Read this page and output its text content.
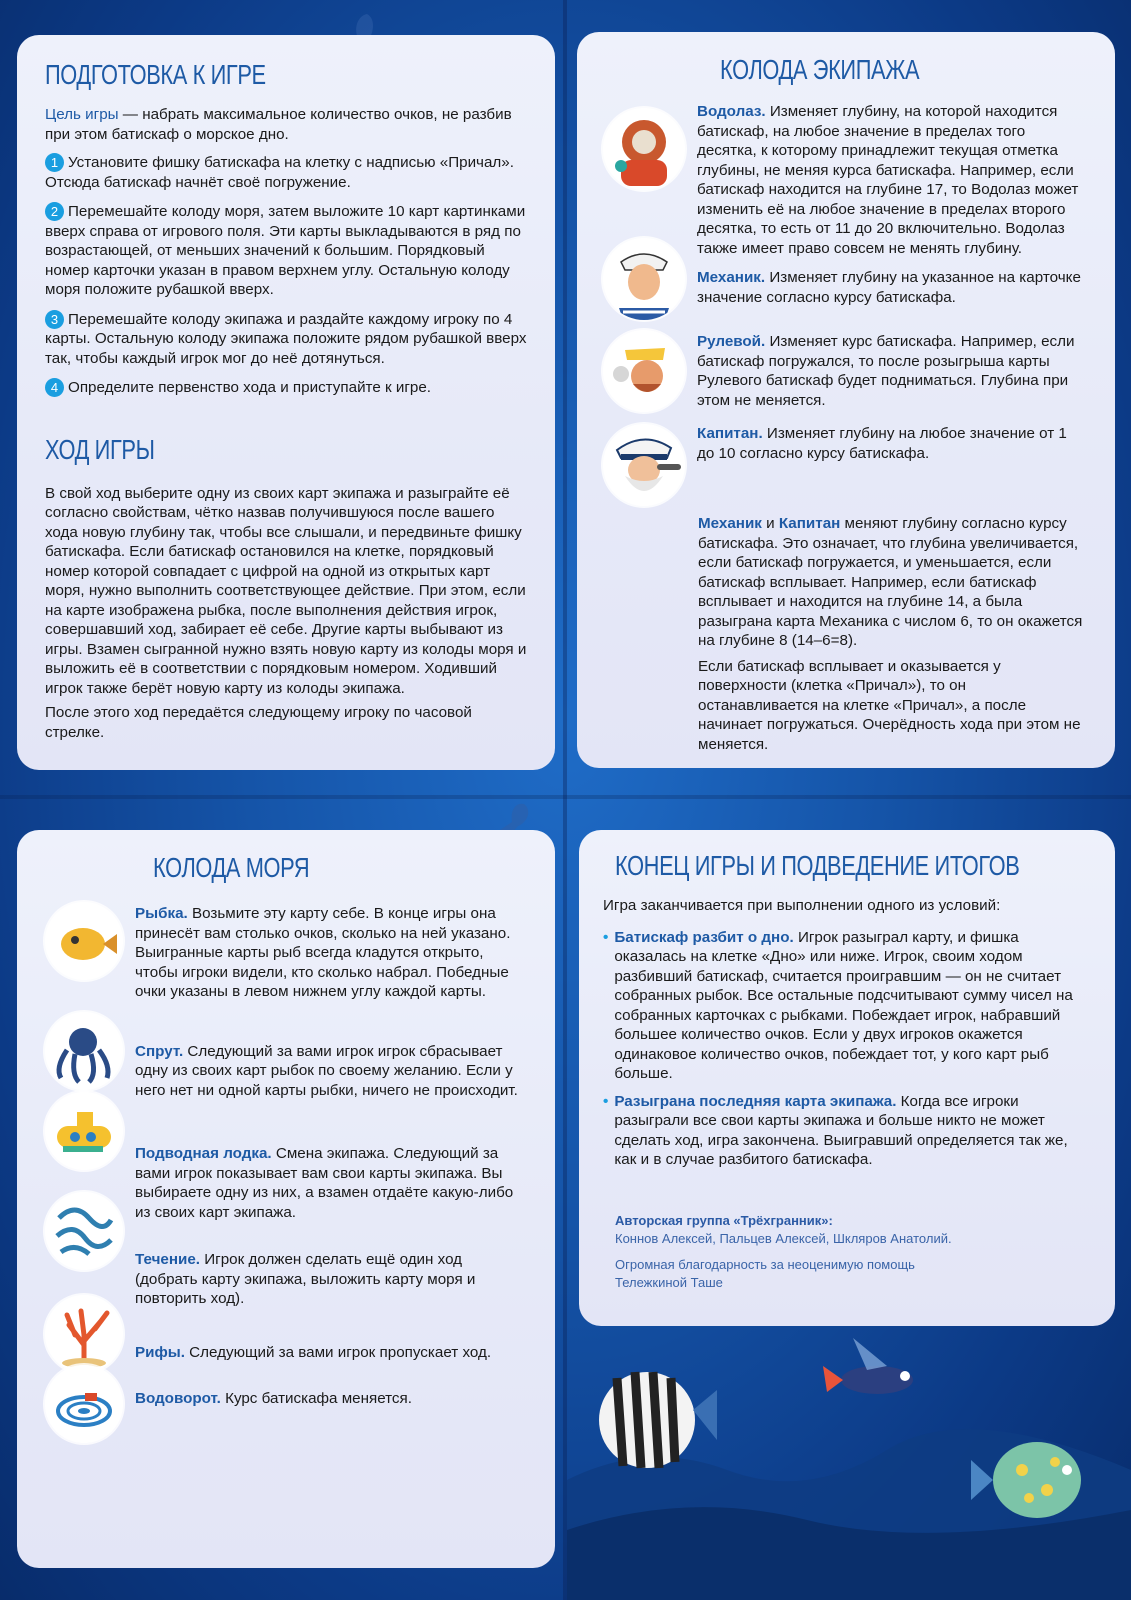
ПОДГОТОВКА К ИГРЕ

Цель игры — набрать максимальное количество очков, не разбив при этом батискаф о морское дно.

1 Установите фишку батискафа на клетку с надписью «Причал». Отсюда батискаф начнёт своё погружение.

2 Перемешайте колоду моря, затем выложите 10 карт картинками вверх справа от игрового поля. Эти карты выкладываются в ряд по возрастающей, от меньших значений к большим. Порядковый номер карточки указан в правом верхнем углу. Остальную колоду моря положите рубашкой вверх.

3 Перемешайте колоду экипажа и раздайте каждому игроку по 4 карты. Остальную колоду экипажа положите рядом рубашкой вверх так, чтобы каждый игрок мог до неё дотянуться.

4 Определите первенство хода и приступайте к игре.

ХОД ИГРЫ

В свой ход выберите одну из своих карт экипажа и разыграйте её согласно свойствам, чётко назвав получившуюся после вашего хода новую глубину так, чтобы все слышали, и передвиньте фишку батискафа. Если батискаф остановился на клетке, порядковый номер которой совпадает с цифрой на одной из открытых карт моря, нужно выполнить соответствующее действие. При этом, если на карте изображена рыбка, после выполнения действия игрок, совершавший ход, забирает её себе. Другие карты выбывают из игры. Взамен сыгранной нужно взять новую карту из колоды моря и выложить её в соответствии с порядковым номером. Ходивший игрок также берёт новую карту из колоды экипажа.

После этого ход передаётся следующему игроку по часовой стрелке.

КОЛОДА ЭКИПАЖА

Водолаз. Изменяет глубину, на которой находится батискаф, на любое значение в пределах того десятка, к которому принадлежит текущая отметка глубины, не меняя курса батискафа. Например, если батискаф находится на глубине 17, то Водолаз может изменить её на любое значение в пределах второго десятка, то есть от 11 до 20 включительно. Водолаз также имеет право совсем не менять глубину.

Механик. Изменяет глубину на указанное на карточке значение согласно курсу батискафа.

Рулевой. Изменяет курс батискафа. Например, если батискаф погружался, то после розыгрыша карты Рулевого батискаф будет подниматься. Глубина при этом не меняется.

Капитан. Изменяет глубину на любое значение от 1 до 10 согласно курсу батискафа.

Механик и Капитан меняют глубину согласно курсу батискафа. Это означает, что глубина увеличивается, если батискаф погружается, и уменьшается, если батискаф всплывает. Например, если батискаф всплывает и находится на глубине 14, а была разыграна карта Механика с числом 6, то он окажется на глубине 8 (14–6=8).

Если батискаф всплывает и оказывается у поверхности (клетка «Причал»), то он останавливается на клетке «Причал», а после начинает погружаться. Очерёдность хода при этом не меняется.

КОЛОДА МОРЯ

Рыбка. Возьмите эту карту себе. В конце игры она принесёт вам столько очков, сколько на ней указано. Выигранные карты рыб всегда кладутся открыто, чтобы игроки видели, кто сколько набрал. Победные очки указаны в левом нижнем углу каждой карты.

Спрут. Следующий за вами игрок игрок сбрасывает одну из своих карт рыбок по своему желанию. Если у него нет ни одной карты рыбки, ничего не происходит.

Подводная лодка. Смена экипажа. Следующий за вами игрок показывает вам свои карты экипажа. Вы выбираете одну из них, а взамен отдаёте какую-либо из своих карт экипажа.

Течение. Игрок должен сделать ещё один ход (добрать карту экипажа, выложить карту моря и повторить ход).

Рифы. Следующий за вами игрок пропускает ход.

Водоворот. Курс батискафа меняется.

КОНЕЦ ИГРЫ И ПОДВЕДЕНИЕ ИТОГОВ

Игра заканчивается при выполнении одного из условий:

• Батискаф разбит о дно. Игрок разыграл карту, и фишка оказалась на клетке «Дно» или ниже. Игрок, своим ходом разбивший батискаф, считается проигравшим — он не считает собранных рыбок. Все остальные подсчитывают сумму чисел на собранных карточках с рыбками. Побеждает игрок, набравший большее количество очков. Если у двух игроков окажется одинаковое количество очков, побеждает тот, у кого карт рыб больше.

• Разыграна последняя карта экипажа. Когда все игроки разыграли все свои карты экипажа и больше никто не может сделать ход, игра закончена. Выигравший определяется так же, как и в случае разбитого батискафа.

Авторская группа «Трёхгранник»:
Коннов Алексей, Пальцев Алексей, Шкляров Анатолий.
Огромная благодарность за неоценимую помощь
Тележкиной Таше
